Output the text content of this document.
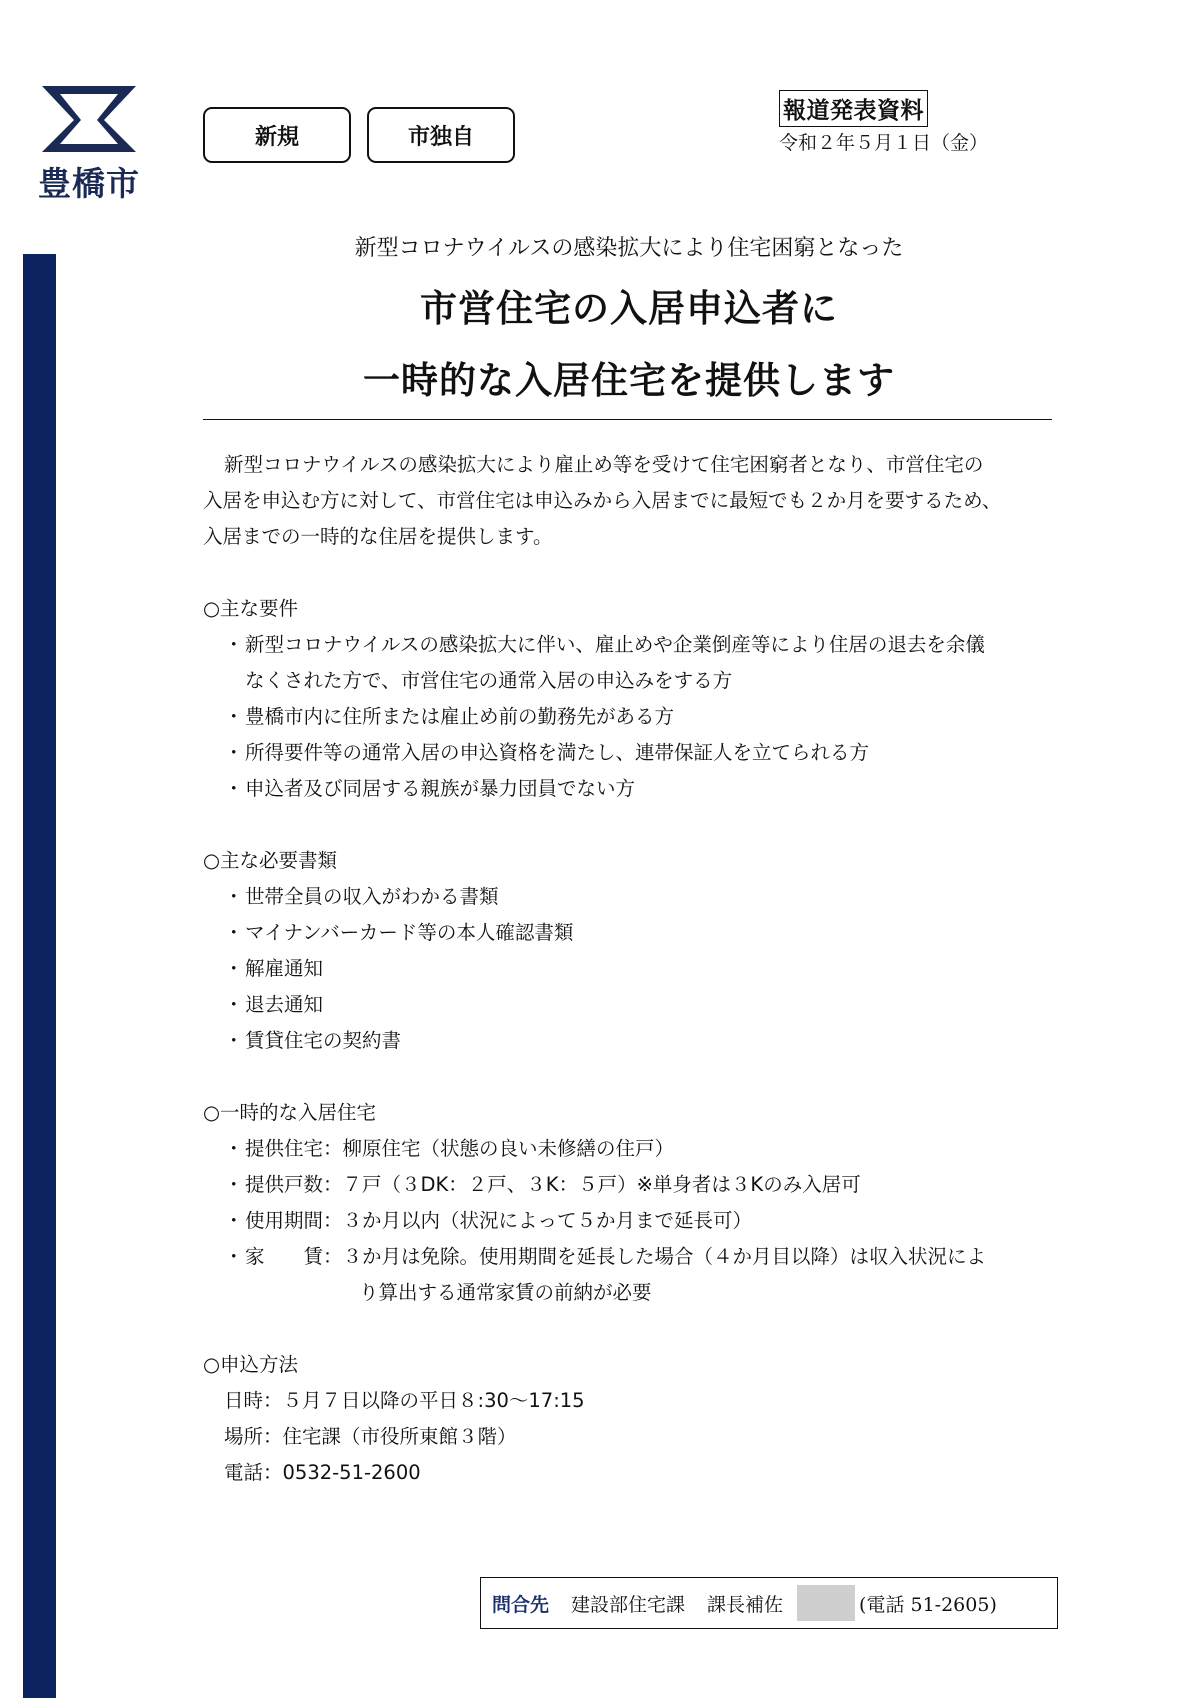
豊橋市
新規	市独自
報道発表資料
令和２年５月１日（金）
新型コロナウイルスの感染拡大により住宅困窮となった
市営住宅の入居申込者に
一時的な入居住宅を提供します

新型コロナウイルスの感染拡大により雇止め等を受けて住宅困窮者となり、市営住宅の

入居を申込む方に対して、市営住宅は申込みから入居までに最短でも２か月を要するため、

入居までの一時的な住居を提供します。

○主な要件

・新型コロナウイルスの感染拡大に伴い、雇止めや企業倒産等により住居の退去を余儀

なくされた方で、市営住宅の通常入居の申込みをする方

・豊橋市内に住所または雇止め前の勤務先がある方

・所得要件等の通常入居の申込資格を満たし、連帯保証人を立てられる方

・申込者及び同居する親族が暴力団員でない方

○主な必要書類

・世帯全員の収入がわかる書類

・マイナンバーカード等の本人確認書類

・解雇通知

・退去通知

・賃貸住宅の契約書

○一時的な入居住宅

・提供住宅：柳原住宅（状態の良い未修繕の住戸）

・提供戸数：７戸（３DK：２戸、３K：５戸）※単身者は３Kのみ入居可

・使用期間：３か月以内（状況によって５か月まで延長可）

・家　　賃：３か月は免除。使用期間を延長した場合（４か月目以降）は収入状況によ

り算出する通常家賃の前納が必要

○申込方法

日時：５月７日以降の平日８:30～17:15

場所：住宅課（市役所東館３階）

電話：0532-51-2600

問合先 建設部住宅課 課長補佐	(電話 51-2605)
